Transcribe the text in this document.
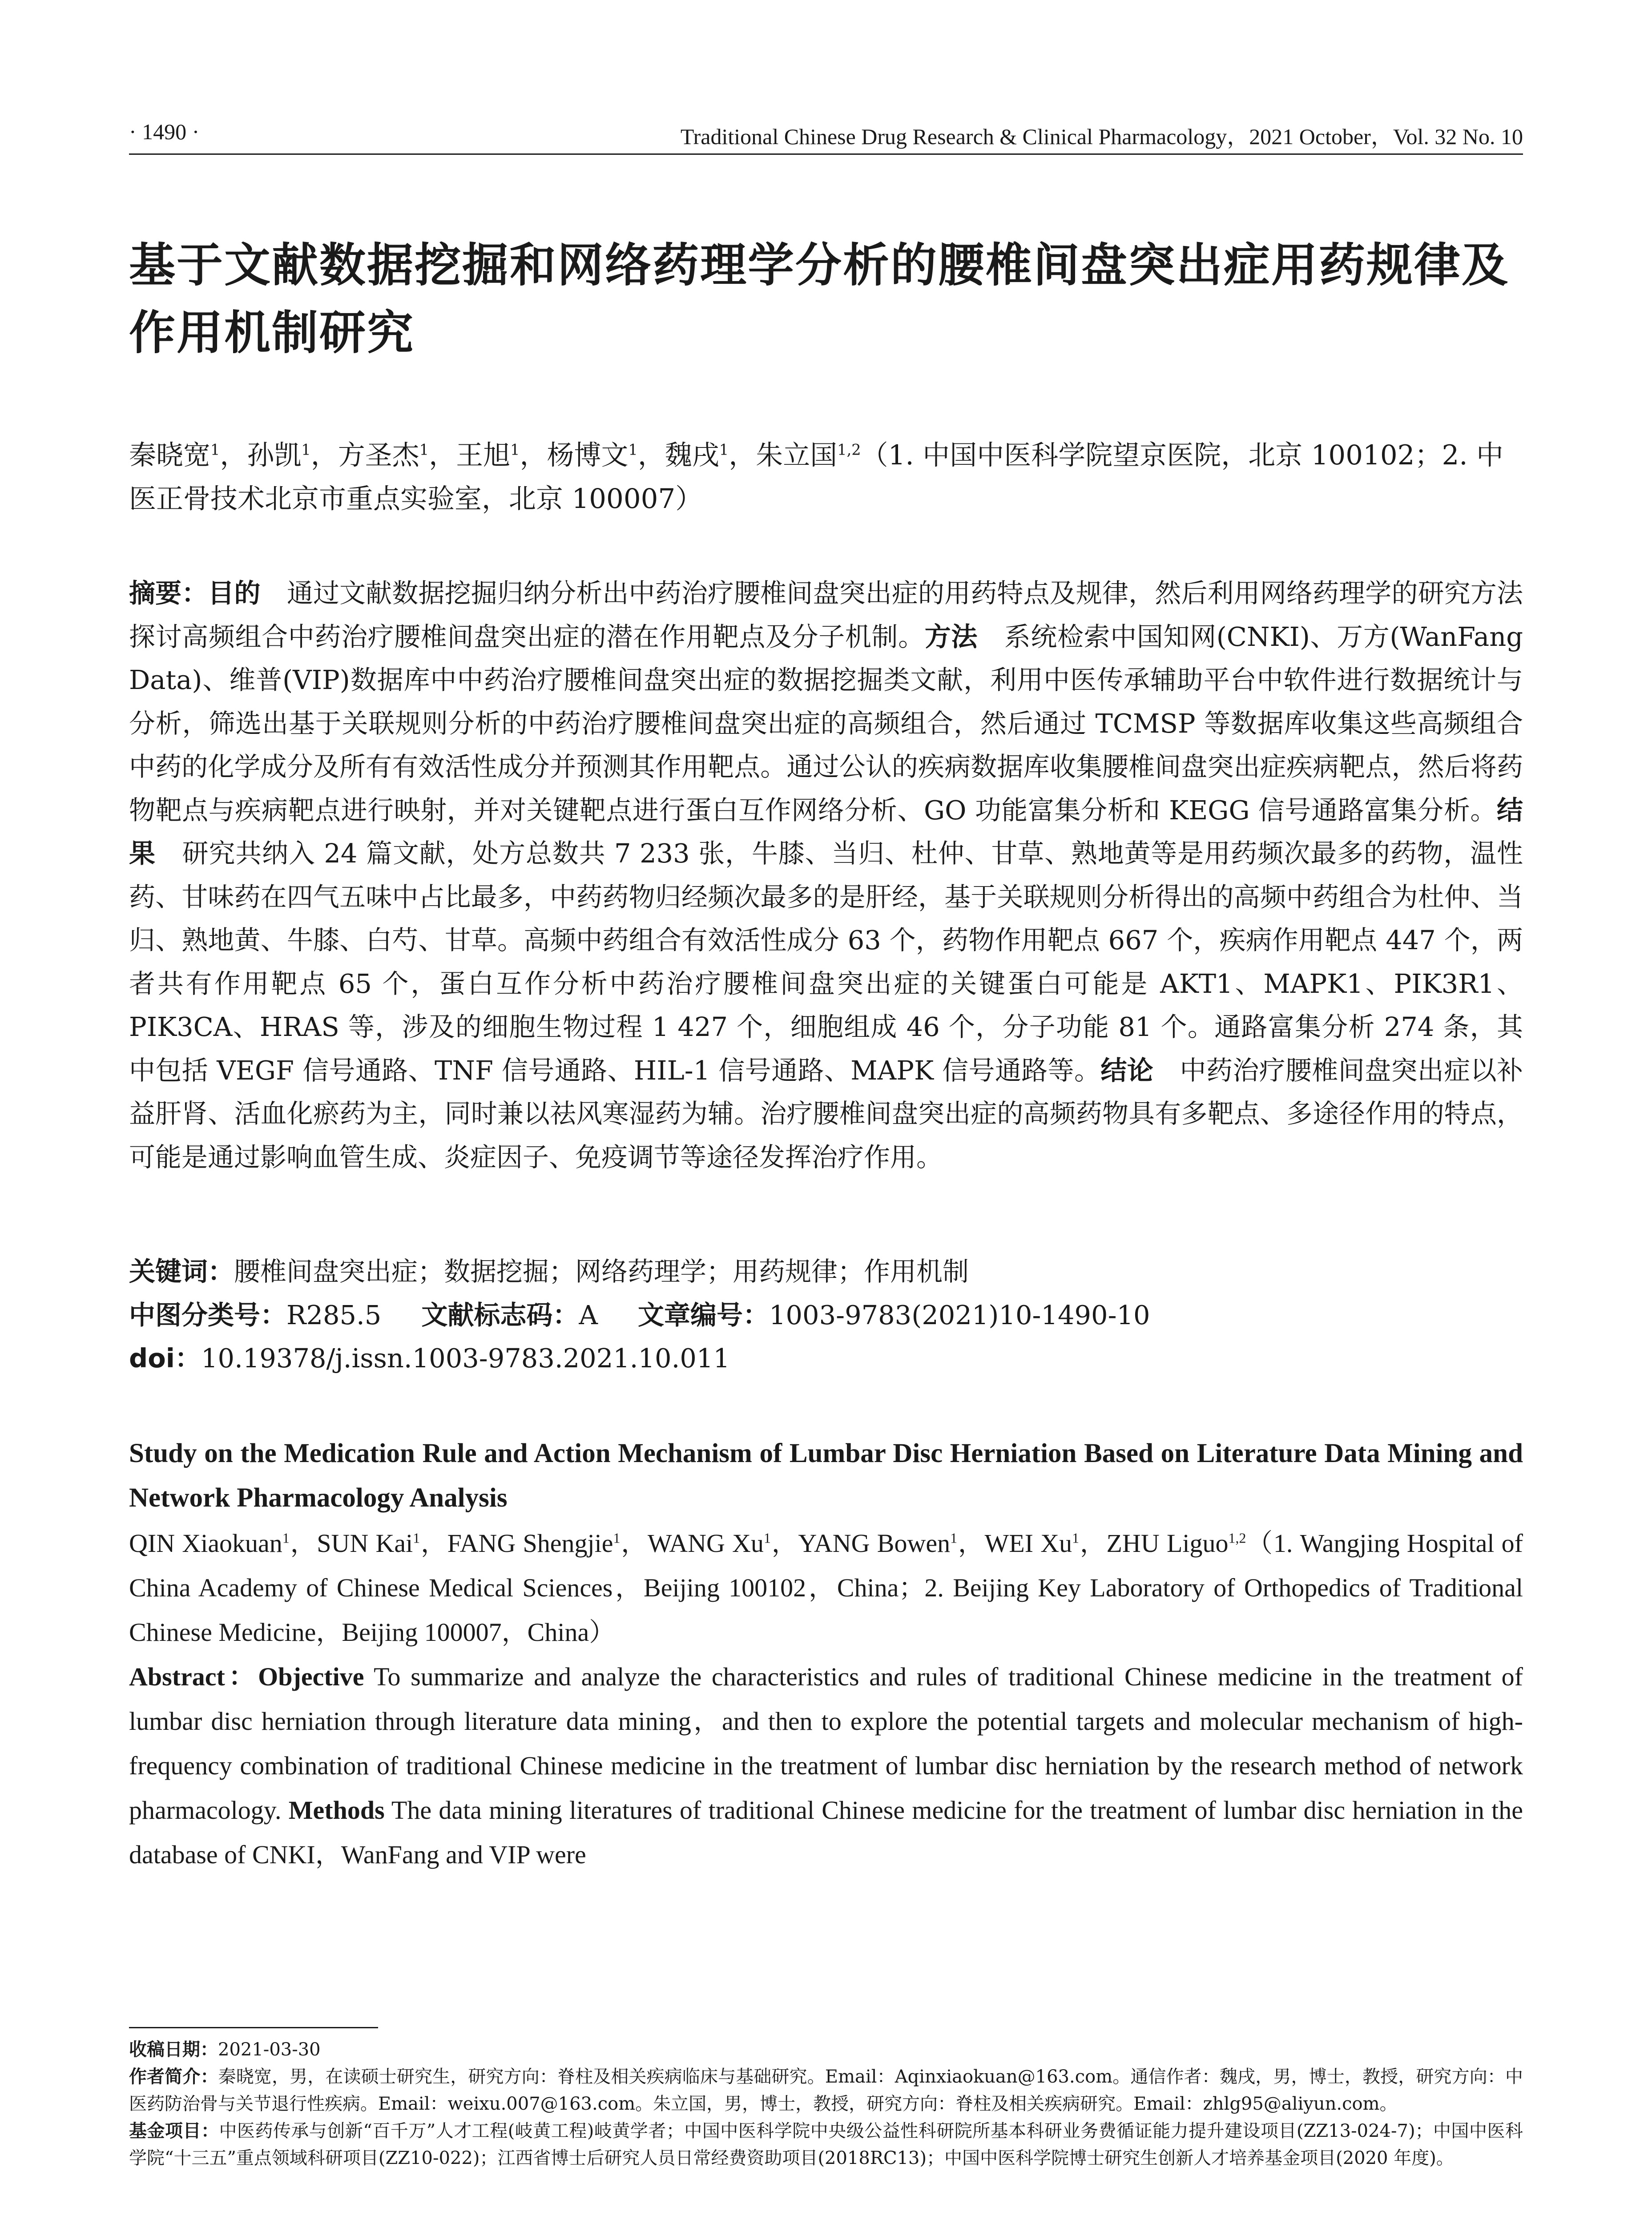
· 1490 ·	Traditional Chinese Drug Research & Clinical Pharmacology，2021 October，Vol. 32 No. 10
基于文献数据挖掘和网络药理学分析的腰椎间盘突出症用药规律及作用机制研究
秦晓宽$^1$，孙凯$^1$，方圣杰$^1$，王旭$^1$，杨博文$^1$，魏戌$^1$，朱立国$^{1,2}$（1. 中国中医科学院望京医院，北京 100102；2. 中医正骨技术北京市重点实验室，北京 100007）
摘要：目的  通过文献数据挖掘归纳分析出中药治疗腰椎间盘突出症的用药特点及规律，然后利用网络药理学的研究方法探讨高频组合中药治疗腰椎间盘突出症的潜在作用靶点及分子机制。方法  系统检索中国知网(CNKI)、万方(WanFang Data)、维普(VIP)数据库中中药治疗腰椎间盘突出症的数据挖掘类文献，利用中医传承辅助平台中软件进行数据统计与分析，筛选出基于关联规则分析的中药治疗腰椎间盘突出症的高频组合，然后通过 TCMSP 等数据库收集这些高频组合中药的化学成分及所有有效活性成分并预测其作用靶点。通过公认的疾病数据库收集腰椎间盘突出症疾病靶点，然后将药物靶点与疾病靶点进行映射，并对关键靶点进行蛋白互作网络分析、GO 功能富集分析和 KEGG 信号通路富集分析。结果  研究共纳入 24 篇文献，处方总数共 7 233 张，牛膝、当归、杜仲、甘草、熟地黄等是用药频次最多的药物，温性药、甘味药在四气五味中占比最多，中药药物归经频次最多的是肝经，基于关联规则分析得出的高频中药组合为杜仲、当归、熟地黄、牛膝、白芍、甘草。高频中药组合有效活性成分 63 个，药物作用靶点 667 个，疾病作用靶点 447 个，两者共有作用靶点 65 个，蛋白互作分析中药治疗腰椎间盘突出症的关键蛋白可能是 AKT1、MAPK1、PIK3R1、PIK3CA、HRAS 等，涉及的细胞生物过程 1 427 个，细胞组成 46 个，分子功能 81 个。通路富集分析 274 条，其中包括 VEGF 信号通路、TNF 信号通路、HIL-1 信号通路、MAPK 信号通路等。结论  中药治疗腰椎间盘突出症以补益肝肾、活血化瘀药为主，同时兼以祛风寒湿药为辅。治疗腰椎间盘突出症的高频药物具有多靶点、多途径作用的特点，可能是通过影响血管生成、炎症因子、免疫调节等途径发挥治疗作用。
关键词：腰椎间盘突出症；数据挖掘；网络药理学；用药规律；作用机制
中图分类号：R285.5 文献标志码：A 文章编号：1003-9783(2021)10-1490-10
doi：10.19378/j.issn.1003-9783.2021.10.011
Study on the Medication Rule and Action Mechanism of Lumbar Disc Herniation Based on Literature Data Mining and Network Pharmacology Analysis
QIN Xiaokuan$^1$，SUN Kai$^1$，FANG Shengjie$^1$，WANG Xu$^1$，YANG Bowen$^1$，WEI Xu$^1$，ZHU Liguo$^{1,2}$（1. Wangjing Hospital of China Academy of Chinese Medical Sciences，Beijing 100102，China；2. Beijing Key Laboratory of Orthopedics of Traditional Chinese Medicine，Beijing 100007，China）
Abstract：Objective To summarize and analyze the characteristics and rules of traditional Chinese medicine in the treatment of lumbar disc herniation through literature data mining，and then to explore the potential targets and molecular mechanism of high-frequency combination of traditional Chinese medicine in the treatment of lumbar disc herniation by the research method of network pharmacology. Methods The data mining literatures of traditional Chinese medicine for the treatment of lumbar disc herniation in the database of CNKI，WanFang and VIP were
收稿日期：2021-03-30
作者简介：秦晓宽，男，在读硕士研究生，研究方向：脊柱及相关疾病临床与基础研究。Email：Aqinxiaokuan@163.com。通信作者：魏戌，男，博士，教授，研究方向：中医药防治骨与关节退行性疾病。Email：weixu.007@163.com。朱立国，男，博士，教授，研究方向：脊柱及相关疾病研究。Email：zhlg95@aliyun.com。
基金项目：中医药传承与创新“百千万”人才工程(岐黄工程)岐黄学者；中国中医科学院中央级公益性科研院所基本科研业务费循证能力提升建设项目(ZZ13-024-7)；中国中医科学院“十三五”重点领域科研项目(ZZ10-022)；江西省博士后研究人员日常经费资助项目(2018RC13)；中国中医科学院博士研究生创新人才培养基金项目(2020 年度)。
